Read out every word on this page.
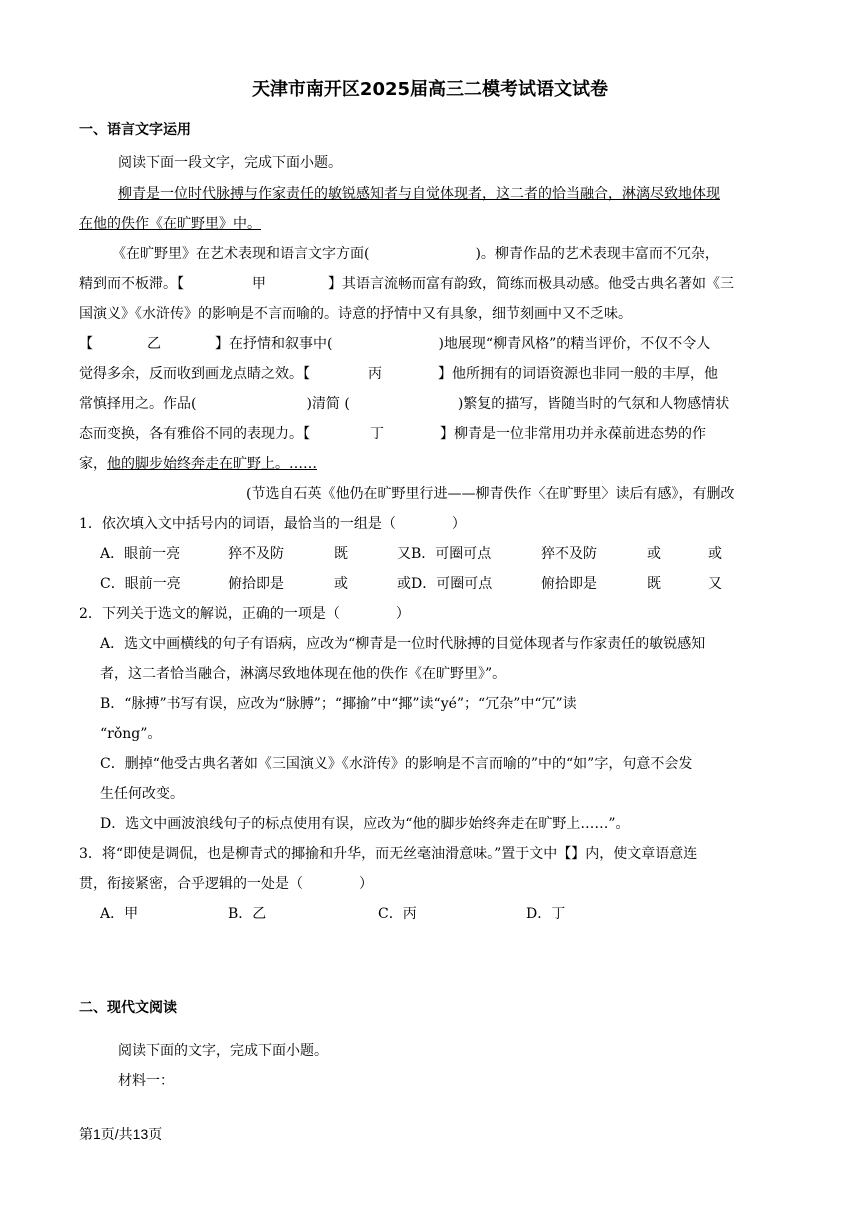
天津市南开区2025届高三二模考试语文试卷
一、语言文字运用
阅读下面一段文字，完成下面小题。
柳青是一位时代脉搏与作家责任的敏锐感知者与自觉体现者，这二者的恰当融合，淋漓尽致地体现
在他的佚作《在旷野里》中。
《在旷野里》在艺术表现和语言文字方面(	)。柳青作品的艺术表现丰富而不冗杂，
精到而不板滞。【	甲	】其语言流畅而富有韵致，简练而极具动感。他受古典名著如《三
国演义》《水浒传》的影响是不言而喻的。诗意的抒情中又有具象，细节刻画中又不乏味。
【	乙	】在抒情和叙事中(	)地展现“柳青风格”的精当评价，不仅不令人
觉得多余，反而收到画龙点睛之效。【	丙	】他所拥有的词语资源也非同一般的丰厚，他
常慎择用之。作品(	)清简 (	)繁复的描写，皆随当时的气氛和人物感情状
态而变换，各有雅俗不同的表现力。【	丁	】柳青是一位非常用功并永葆前进态势的作
家，他的脚步始终奔走在旷野上。……
(节选自石英《他仍在旷野里行进——柳青佚作〈在旷野里〉读后有感》，有删改
1．依次填入文中括号内的词语，最恰当的一组是（　　　　）
A．眼前一亮	猝不及防	既	又B．可圈可点	猝不及防	或	或
C．眼前一亮	俯拾即是	或	或D．可圈可点	俯拾即是	既	又
2．下列关于选文的解说，正确的一项是（　　　　）
A．选文中画横线的句子有语病，应改为“柳青是一位时代脉搏的目觉体现者与作家责任的敏锐感知
者，这二者恰当融合，淋漓尽致地体现在他的佚作《在旷野里》”。
B．“脉搏”书写有误，应改为“脉膊”；“揶揄”中“揶”读“yé”；“冗杂”中“冗”读
“rǒng”。
C．删掉“他受古典名著如《三国演义》《水浒传》的影响是不言而喻的”中的“如”字，句意不会发
生任何改变。
D．选文中画波浪线句子的标点使用有误，应改为“他的脚步始终奔走在旷野上……”。
3．将“即使是调侃，也是柳青式的揶揄和升华，而无丝毫油滑意味。”置于文中【】内，使文章语意连
贯，衔接紧密，合乎逻辑的一处是（　　　　）
A．甲	B．乙	C．丙	D．丁
二、现代文阅读
阅读下面的文字，完成下面小题。
材料一：
第1页/共13页
